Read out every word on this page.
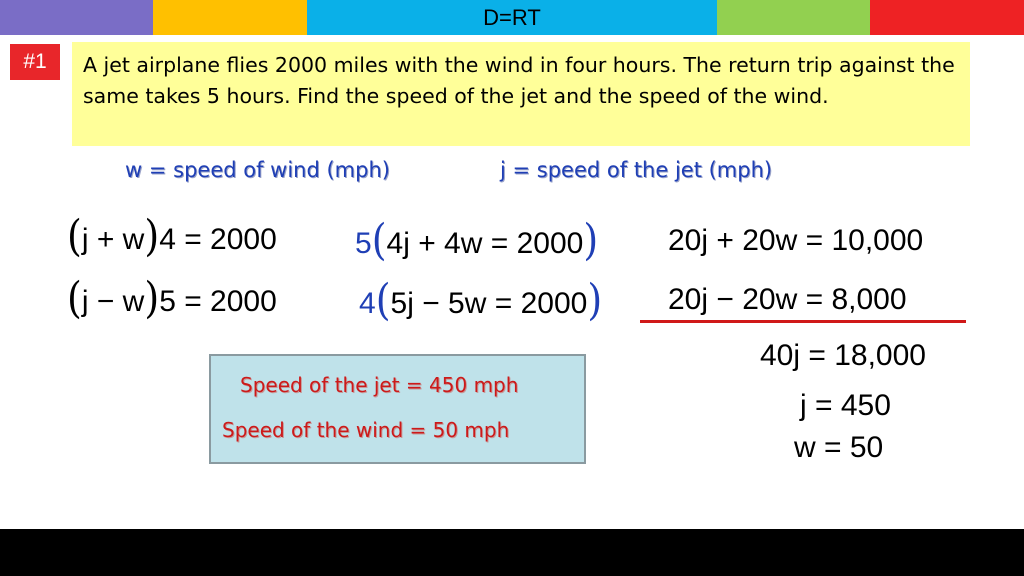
D=RT
#1	A jet airplane flies 2000 miles with the wind in four hours. The return trip against the same takes 5 hours. Find the speed of the jet and the speed of the wind.
w = speed of wind (mph)	j = speed of the jet (mph)
(j + w)4 = 2000
(j − w)5 = 2000
5(4j + 4w = 2000)
4(5j − 5w = 2000)
20j + 20w = 10,000
20j − 20w = 8,000
40j = 18,000
j = 450
w = 50
Speed of the jet = 450 mph
Speed of the wind = 50 mph
